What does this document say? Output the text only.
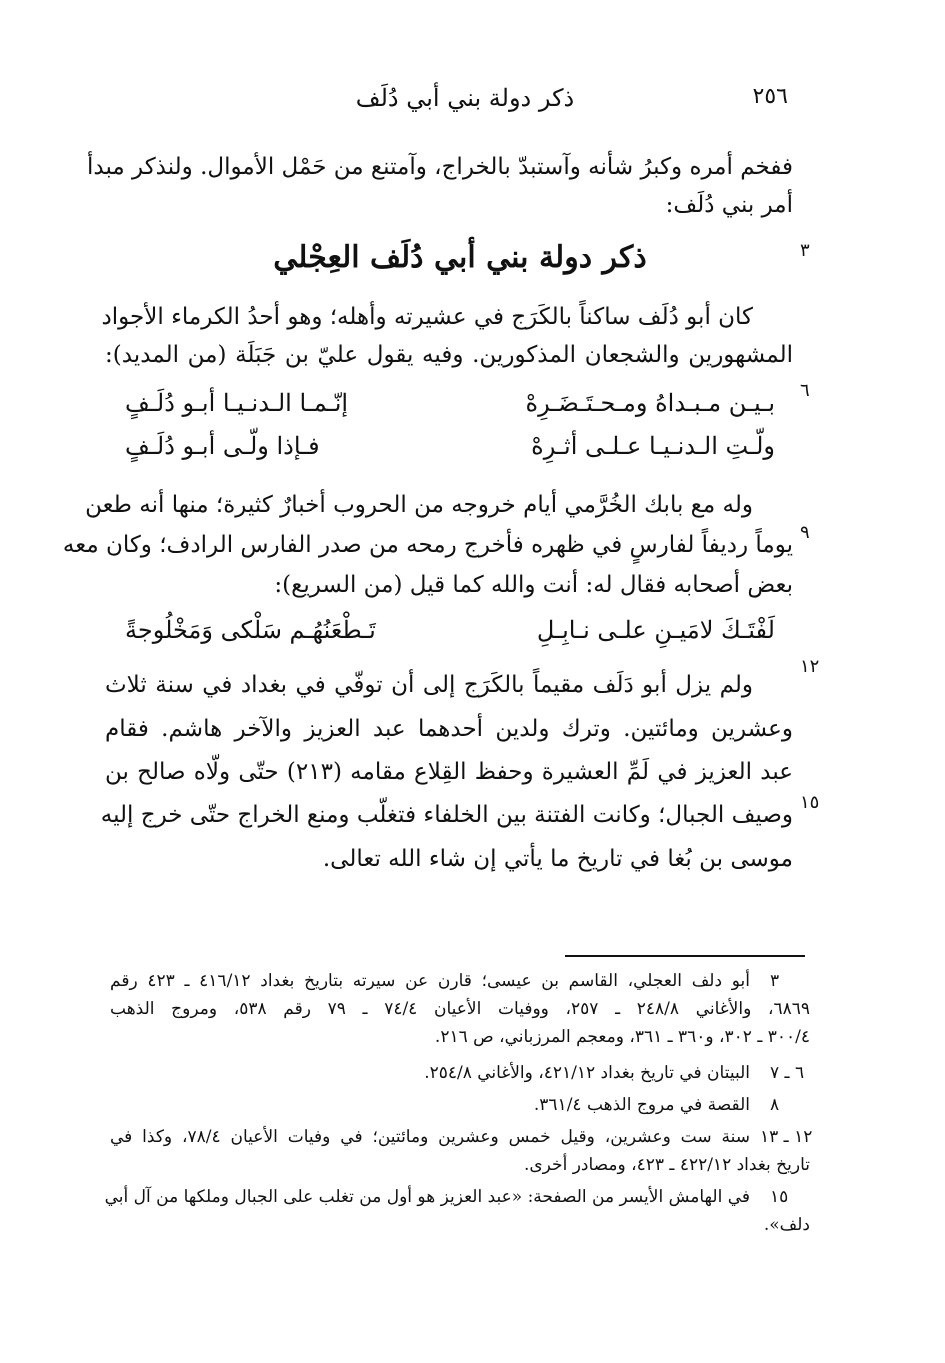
٢٥٦
ذكر دولة بني أبي دُلَف
ففخم أمره وكبرُ شأنه وآستبدّ بالخراج، وآمتنع من حَمْل الأموال. ولنذكر مبدأ
أمر بني دُلَف:
٣
ذكر دولة بني أبي دُلَف العِجْلي
كان أبو دُلَف ساكناً بالكَرَج في عشيرته وأهله؛ وهو أحدُ الكرماء الأجواد
المشهورين والشجعان المذكورين. وفيه يقول عليّ بن جَبَلَة (من المديد):
٦
إنّـمـا الـدنـيـا أبـو دُلَـفٍ	بـيـن مـبـداهُ ومـحـتَـضَـرِهْ
فـإذا ولّـى أبـو دُلَـفٍ	ولّـتِ الـدنـيـا عـلـى أثـرِهْ
وله مع بابك الخُرَّمي أيام خروجه من الحروب أخبارٌ كثيرة؛ منها أنه طعن
٩
يوماً رديفاً لفارسٍ في ظهره فأخرج رمحه من صدر الفارس الرادف؛ وكان معه
بعض أصحابه فقال له: أنت والله كما قيل (من السريع):
تَـطْعَنُهُـم سَلْكى وَمَخْلُوجةً	لَفْتَـكَ لامَيـنِ علـى نـابِـلِ
١٢
ولم يزل أبو دَلَف مقيماً بالكَرَج إلى أن توفّي في بغداد في سنة ثلاث
وعشرين ومائتين. وترك ولدين أحدهما عبد العزيز والآخر هاشم. فقام
عبد العزيز في لَمِّ العشيرة وحفظ القِلاع مقامه (٢١٣) حتّى ولّاه صالح بن
١٥
وصيف الجبال؛ وكانت الفتنة بين الخلفاء فتغلّب ومنع الخراج حتّى خرج إليه
موسى بن بُغا في تاريخ ما يأتي إن شاء الله تعالى.
٣
أبو دلف العجلي، القاسم بن عيسى؛ قارن عن سيرته بتاريخ بغداد ٤١٦/١٢ ـ ٤٢٣ رقم
٦٨٦٩، والأغاني ٢٤٨/٨ ـ ٢٥٧، ووفيات الأعيان ٧٤/٤ ـ ٧٩ رقم ٥٣٨، ومروج الذهب
٣٠٠/٤ ـ ٣٠٢، و٣٦٠ ـ ٣٦١، ومعجم المرزباني، ص ٢١٦.
٦ ـ ٧
البيتان في تاريخ بغداد ٤٢١/١٢، والأغاني ٢٥٤/٨.
٨
القصة في مروج الذهب ٣٦١/٤.
١٢ ـ ١٣
سنة ست وعشرين، وقيل خمس وعشرين ومائتين؛ في وفيات الأعيان ٧٨/٤، وكذا في
تاريخ بغداد ٤٢٢/١٢ ـ ٤٢٣، ومصادر أخرى.
١٥
في الهامش الأيسر من الصفحة: «عبد العزيز هو أول من تغلب على الجبال وملكها من آل أبي
دلف».
